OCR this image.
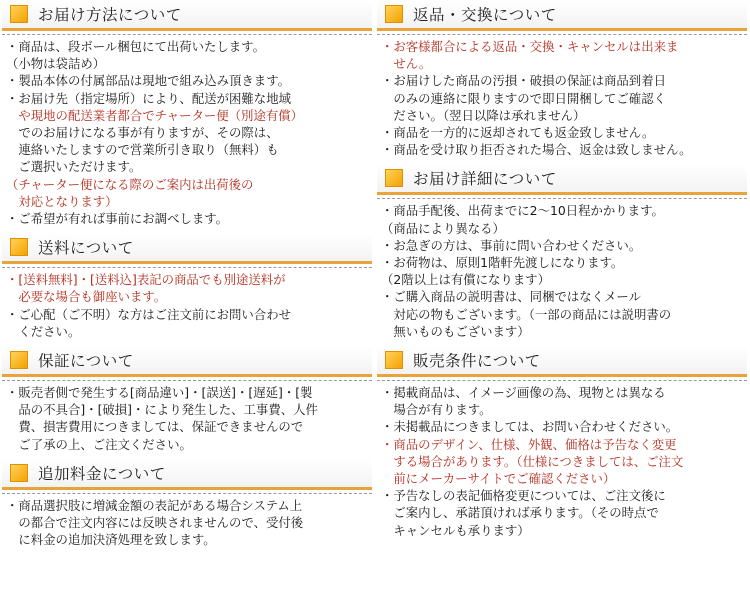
お届け方法について
・商品は、段ボール梱包にて出荷いたします。
（小物は袋詰め）
・製品本体の付属部品は現地で組み込み頂きます。
・お届け先（指定場所）により、配送が困難な地域
　や現地の配送業者都合でチャーター便（別途有償）
　でのお届けになる事が有りますが、その際は、
　連絡いたしますので営業所引き取り（無料）も
　ご選択いただけます。
（チャーター便になる際のご案内は出荷後の
　対応となります）
・ご希望が有れば事前にお調べします。
送料について
・[送料無料]・[送料込]表記の商品でも別途送料が
　必要な場合も御座います。
・ご心配（ご不明）な方はご注文前にお問い合わせ
　ください。
保証について
・販売者側で発生する[商品違い]・[誤送]・[遅延]・[製
　品の不具合]・[破損]・により発生した、工事費、人件
　費、損害費用につきましては、保証できませんので
　ご了承の上、ご注文ください。
追加料金について
・商品選択肢に増減金額の表記がある場合システム上
　の都合で注文内容には反映されませんので、受付後
　に料金の追加決済処理を致します。
返品・交換について
・お客様都合による返品・交換・キャンセルは出来ま
　せん。
・お届けした商品の汚損・破損の保証は商品到着日
　のみの連絡に限りますので即日開梱してご確認く
　ださい。（翌日以降は承れません）
・商品を一方的に返却されても返金致しません。
・商品を受け取り拒否された場合、返金は致しません。
お届け詳細について
・商品手配後、出荷までに2〜10日程かかります。
（商品により異なる）
・お急ぎの方は、事前に問い合わせください。
・お荷物は、原則1階軒先渡しになります。
（2階以上は有償になります）
・ご購入商品の説明書は、同梱ではなくメール
　対応の物もございます。（一部の商品には説明書の
　無いものもございます）
販売条件について
・掲載商品は、イメージ画像の為、現物とは異なる
　場合が有ります。
・未掲載品につきましては、お問い合わせください。
・商品のデザイン、仕様、外観、価格は予告なく変更
　する場合があります。（仕様につきましては、ご注文
　前にメーカーサイトでご確認ください）
・予告なしの表記価格変更については、ご注文後に
　ご案内し、承諾頂ければ承ります。（その時点で
　キャンセルも承ります）
